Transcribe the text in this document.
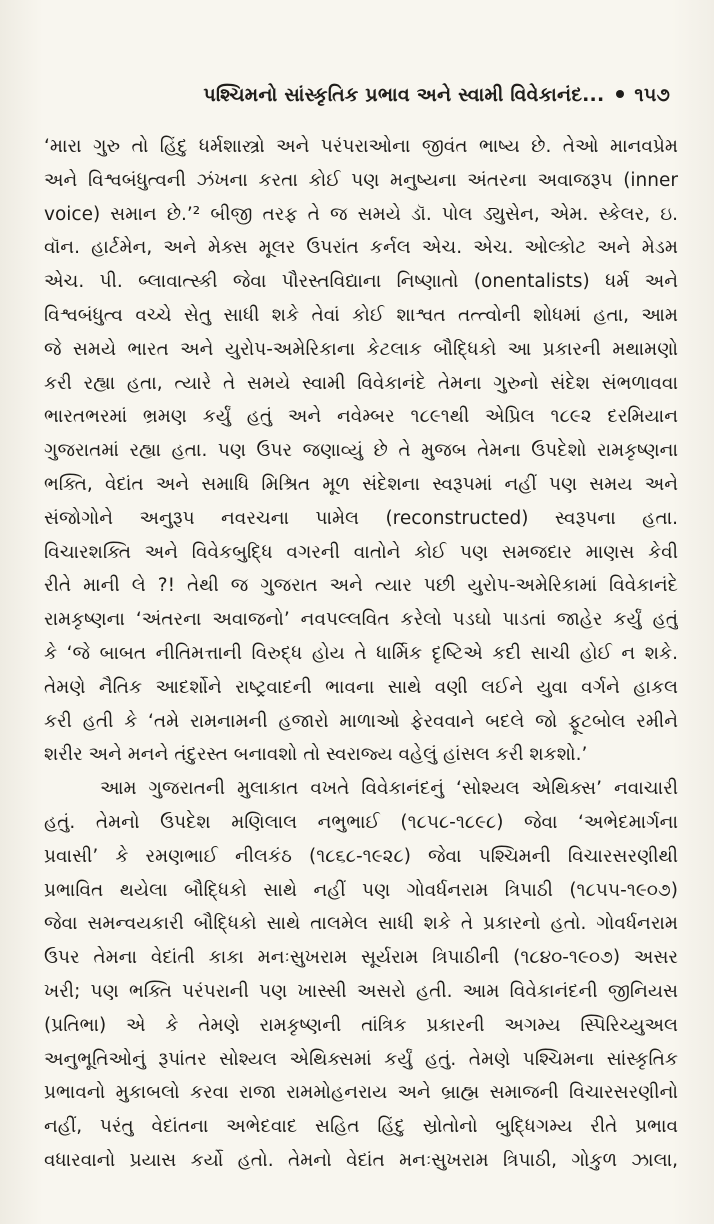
પશ્ચિમનો સાંસ્કૃતિક પ્રભાવ અને સ્વામી વિવેકાનંદ... ૧૫૭
‘મારા ગુરુ તો હિંદુ ધર્મશાસ્ત્રો અને પરંપરાઓના જીવંત ભાષ્ય છે. તેઓ માનવપ્રેમ
અને વિશ્વબંધુત્વની ઝંખના કરતા કોઈ પણ મનુષ્યના અંતરના અવાજરૂપ (inner
voice) સમાન છે.’² બીજી તરફ તે જ સમયે ડૉ. પોલ ડ્યુસેન, એમ. સ્કેલર, ઇ.
વૉન. હાર્ટમેન, અને મેક્સ મૂલર ઉપરાંત કર્નલ એચ. એચ. ઓલ્કોટ અને મેડમ
એચ. પી. બ્લાવાત્સ્કી જેવા પૌરસ્તવિદ્યાના નિષ્ણાતો (onentalists) ધર્મ અને
વિશ્વબંધુત્વ વચ્ચે સેતુ સાધી શકે તેવાં કોઈ શાશ્વત તત્ત્વોની શોધમાં હતા, આમ
જે સમયે ભારત અને યુરોપ-અમેરિકાના કેટલાક બૌદ્ધિકો આ પ્રકારની મથામણો
કરી રહ્યા હતા, ત્યારે તે સમયે સ્વામી વિવેકાનંદે તેમના ગુરુનો સંદેશ સંભળાવવા
ભારતભરમાં ભ્રમણ કર્યું હતું અને નવેમ્બર ૧૮૯૧થી એપ્રિલ ૧૮૯૨ દરમિયાન
ગુજરાતમાં રહ્યા હતા. પણ ઉપર જણાવ્યું છે તે મુજબ તેમના ઉપદેશો રામકૃષ્ણના
ભક્તિ, વેદાંત અને સમાધિ મિશ્રિત મૂળ સંદેશના સ્વરૂપમાં નહીં પણ સમય અને
સંજોગોને અનુરૂપ નવરચના પામેલ (reconstructed) સ્વરૂપના હતા.
વિચારશક્તિ અને વિવેકબુદ્ધિ વગરની વાતોને કોઈ પણ સમજદાર માણસ કેવી
રીતે માની લે ?! તેથી જ ગુજરાત અને ત્યાર પછી યુરોપ-અમેરિકામાં વિવેકાનંદે
રામકૃષ્ણના ‘અંતરના અવાજનો’ નવપલ્લવિત કરેલો પડઘો પાડતાં જાહેર કર્યું હતું
કે ‘જે બાબત નીતિમત્તાની વિરુદ્ધ હોય તે ધાર્મિક દૃષ્ટિએ કદી સાચી હોઈ ન શકે.
તેમણે નૈતિક આદર્શોને રાષ્ટ્રવાદની ભાવના સાથે વણી લઈને યુવા વર્ગને હાકલ
કરી હતી કે ‘તમે રામનામની હજારો માળાઓ ફેરવવાને બદલે જો ફૂટબોલ રમીને
શરીર અને મનને તંદુરસ્ત બનાવશો તો સ્વરાજ્ય વહેલું હાંસલ કરી શકશો.’
આમ ગુજરાતની મુલાકાત વખતે વિવેકાનંદનું ‘સોશ્યલ એથિક્સ’ નવાચારી
હતું. તેમનો ઉપદેશ મણિલાલ નભુભાઈ (૧૮૫૮-૧૮૯૮) જેવા ‘અભેદમાર્ગના
પ્રવાસી’ કે રમણભાઈ નીલકંઠ (૧૮૬૮-૧૯૨૮) જેવા પશ્ચિમની વિચારસરણીથી
પ્રભાવિત થયેલા બૌદ્ધિકો સાથે નહીં પણ ગોવર્ધનરામ ત્રિપાઠી (૧૮૫૫-૧૯૦૭)
જેવા સમન્વયકારી બૌદ્ધિકો સાથે તાલમેલ સાધી શકે તે પ્રકારનો હતો. ગોવર્ધનરામ
ઉપર તેમના વેદાંતી કાકા મનઃસુખરામ સૂર્યરામ ત્રિપાઠીની (૧૮૪૦-૧૯૦૭) અસર
ખરી; પણ ભક્તિ પરંપરાની પણ ખાસ્સી અસરો હતી. આમ વિવેકાનંદની જીનિયસ
(પ્રતિભા) એ કે તેમણે રામકૃષ્ણની તાંત્રિક પ્રકારની અગમ્ય સ્પિરિચ્યુઅલ
અનુભૂતિઓનું રૂપાંતર સોશ્યલ એથિક્સમાં કર્યું હતું. તેમણે પશ્ચિમના સાંસ્કૃતિક
પ્રભાવનો મુકાબલો કરવા રાજા રામમોહનરાય અને બ્રાહ્મ સમાજની વિચારસરણીનો
નહીં, પરંતુ વેદાંતના અભેદવાદ સહિત હિંદુ સ્રોતોનો બુદ્ધિગમ્ય રીતે પ્રભાવ
વધારવાનો પ્રયાસ કર્યો હતો. તેમનો વેદાંત મનઃસુખરામ ત્રિપાઠી, ગોકુળ ઝાલા,
